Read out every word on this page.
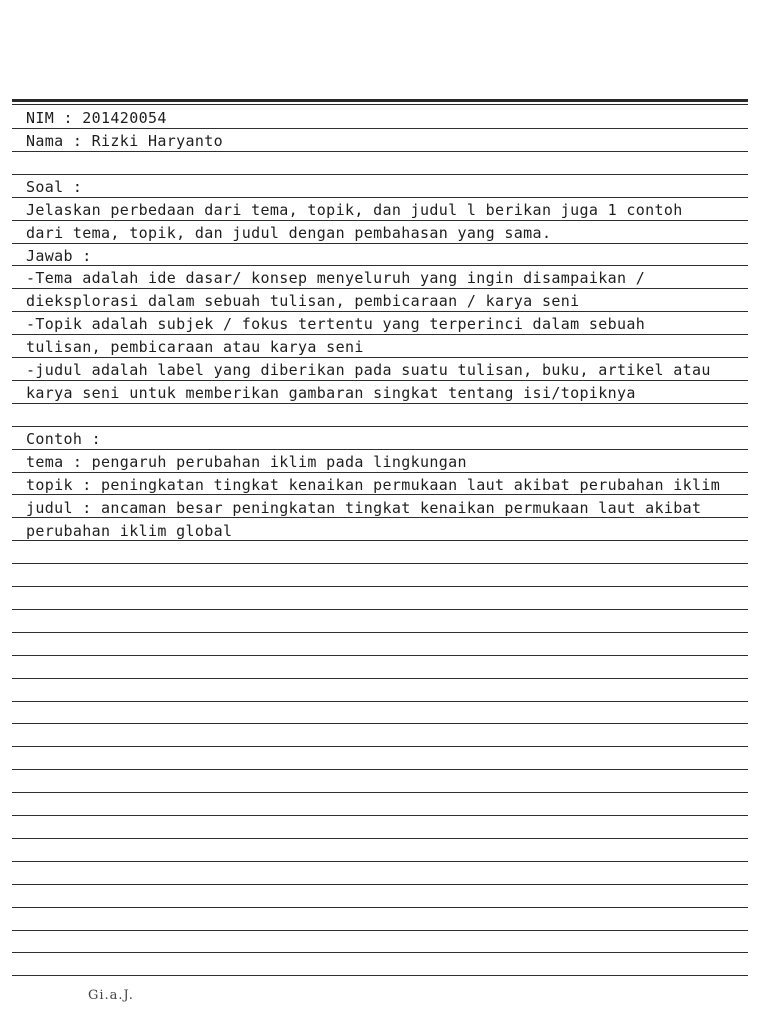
NIM : 201420054
Nama : Rizki Haryanto
Soal :
Jelaskan perbedaan dari tema, topik, dan judul l berikan juga 1 contoh
dari tema, topik, dan judul dengan pembahasan yang sama.
Jawab :
-Tema adalah ide dasar/ konsep menyeluruh yang ingin disampaikan /
dieksplorasi dalam sebuah tulisan, pembicaraan / karya seni
-Topik adalah subjek / fokus tertentu yang terperinci dalam sebuah
tulisan, pembicaraan atau karya seni
-judul adalah label yang diberikan pada suatu tulisan, buku, artikel atau
karya seni untuk memberikan gambaran singkat tentang isi/topiknya
Contoh :
tema : pengaruh perubahan iklim pada lingkungan
topik : peningkatan tingkat kenaikan permukaan laut akibat perubahan iklim
judul : ancaman besar peningkatan tingkat kenaikan permukaan laut akibat
perubahan iklim global
Gi.a.J.
